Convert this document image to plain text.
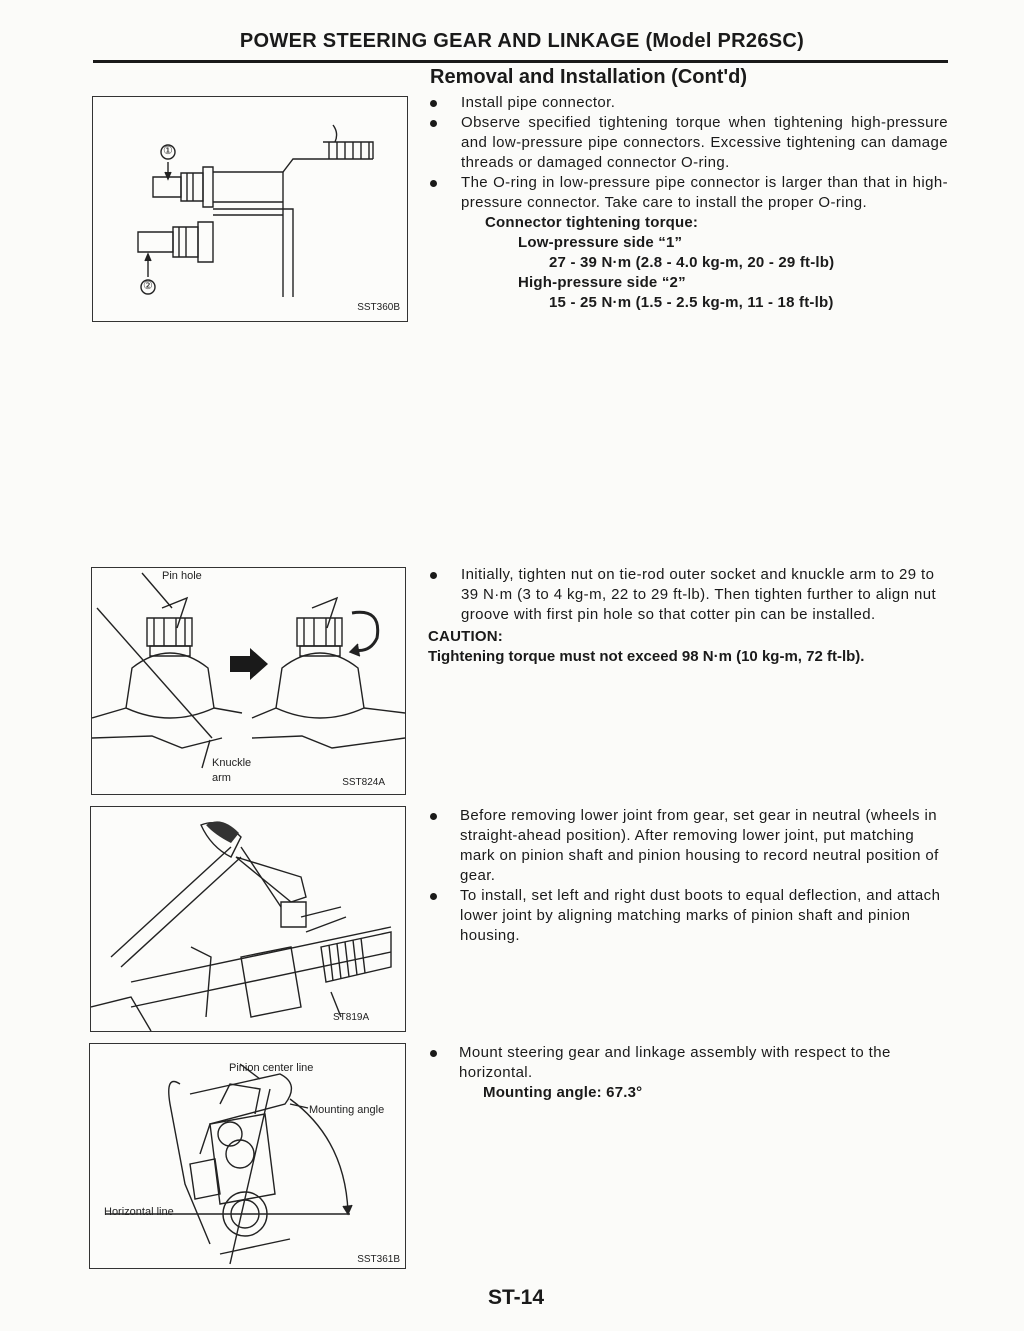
POWER STEERING GEAR AND LINKAGE (Model PR26SC)
Removal and Installation (Cont'd)
①
②
SST360B
Install pipe connector.
Observe specified tightening torque when tightening high-pressure and low-pressure pipe connectors. Excessive tightening can damage threads or damaged connector O-ring.
The O-ring in low-pressure pipe connector is larger than that in high-pressure connector. Take care to install the proper O-ring.
Connector tightening torque:
Low-pressure side “1”
27 - 39 N·m (2.8 - 4.0 kg-m, 20 - 29 ft-lb)
High-pressure side “2”
15 - 25 N·m (1.5 - 2.5 kg-m, 11 - 18 ft-lb)
Pin hole
Knuckle
arm	SST824A
Initially, tighten nut on tie-rod outer socket and knuckle arm to 29 to 39 N·m (3 to 4 kg-m, 22 to 29 ft-lb). Then tighten further to align nut groove with first pin hole so that cotter pin can be installed.
CAUTION:
Tightening torque must not exceed 98 N·m (10 kg-m, 72 ft-lb).
ST819A
Before removing lower joint from gear, set gear in neutral (wheels in straight-ahead position). After removing lower joint, put matching mark on pinion shaft and pinion housing to record neutral position of gear.
To install, set left and right dust boots to equal deflection, and attach lower joint by aligning matching marks of pinion shaft and pinion housing.
Pinion center line
Mounting angle
Horizontal line
SST361B
Mount steering gear and linkage assembly with respect to the horizontal.
Mounting angle: 67.3°
ST-14
